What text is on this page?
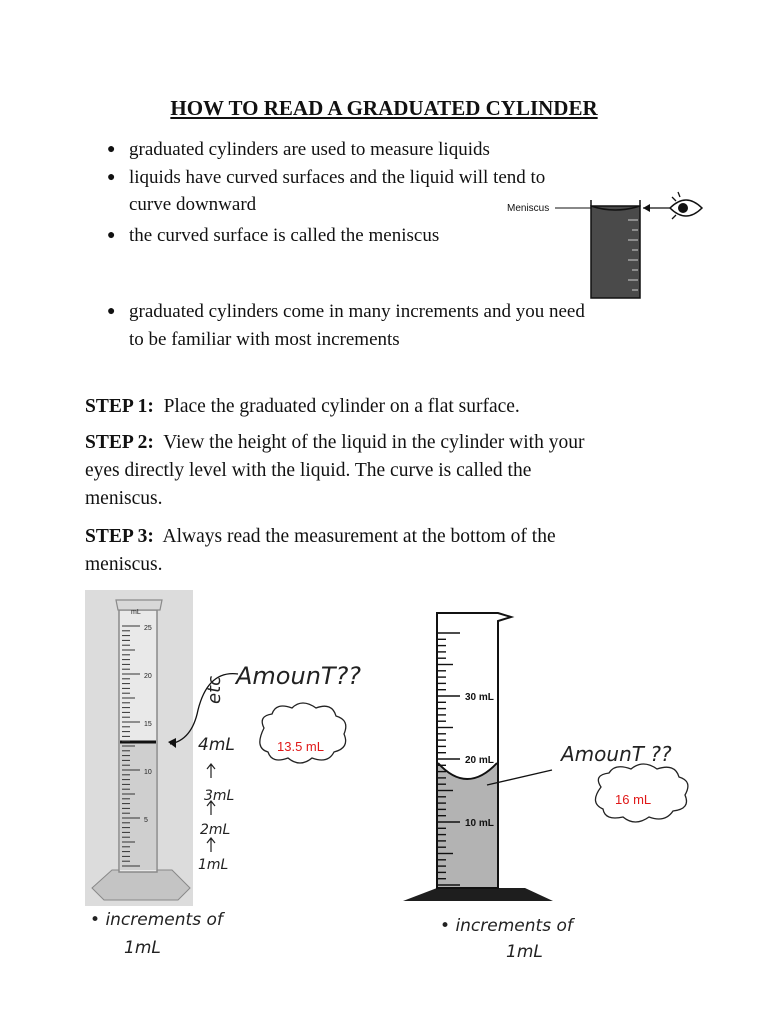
HOW TO READ A GRADUATED CYLINDER
● graduated cylinders are used to measure liquids
● liquids have curved surfaces and the liquid will tend to
curve downward
● the curved surface is called the meniscus
● graduated cylinders come in many increments and you need
to be familiar with most increments
Meniscus
STEP 1: Place the graduated cylinder on a flat surface.
STEP 2: View the height of the liquid in the cylinder with your
eyes directly level with the liquid. The curve is called the
meniscus.
STEP 3: Always read the measurement at the bottom of the
meniscus.
mL
25
20
15
10
5
AmounT??
etc
13.5 mL
4mL
3mL
2mL
1mL
• increments of
1mL
30 mL
20 mL
10 mL
AmounT ??
16 mL
• increments of
1mL
